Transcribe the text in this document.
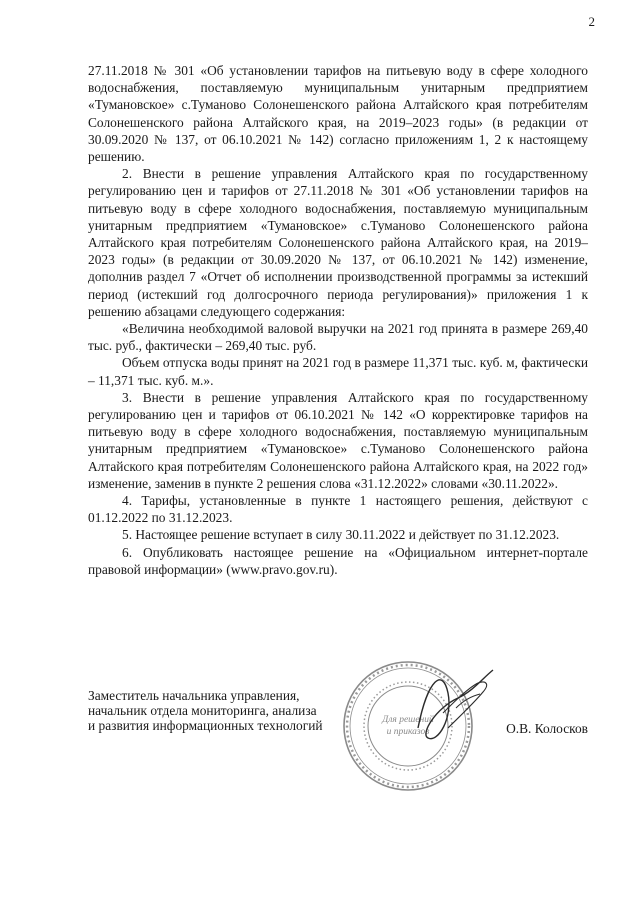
2

27.11.2018 № 301 «Об установлении тарифов на питьевую воду в сфере холодного водоснабжения, поставляемую муниципальным унитарным предприятием «Тумановское» с.Туманово Солонешенского района Алтайского края потребителям Солонешенского района Алтайского края, на 2019–2023 годы» (в редакции от 30.09.2020 № 137, от 06.10.2021 № 142) согласно приложениям 1, 2 к настоящему решению.

2. Внести в решение управления Алтайского края по государственному регулированию цен и тарифов от 27.11.2018 № 301 «Об установлении тарифов на питьевую воду в сфере холодного водоснабжения, поставляемую муниципальным унитарным предприятием «Тумановское» с.Туманово Солонешенского района Алтайского края потребителям Солонешенского района Алтайского края, на 2019–2023 годы» (в редакции от 30.09.2020 № 137, от 06.10.2021 № 142) изменение, дополнив раздел 7 «Отчет об исполнении производственной программы за истекший период (истекший год долгосрочного периода регулирования)» приложения 1 к решению абзацами следующего содержания:

«Величина необходимой валовой выручки на 2021 год принята в размере 269,40 тыс. руб., фактически – 269,40 тыс. руб.

Объем отпуска воды принят на 2021 год в размере 11,371 тыс. куб. м, фактически – 11,371 тыс. куб. м.».

3. Внести в решение управления Алтайского края по государственному регулированию цен и тарифов от 06.10.2021 № 142 «О корректировке тарифов на питьевую воду в сфере холодного водоснабжения, поставляемую муниципальным унитарным предприятием «Тумановское» с.Туманово Солонешенского района Алтайского края потребителям Солонешенского района Алтайского края, на 2022 год» изменение, заменив в пункте 2 решения слова «31.12.2022» словами «30.11.2022».

4. Тарифы, установленные в пункте 1 настоящего решения, действуют с 01.12.2022 по 31.12.2023.

5. Настоящее решение вступает в силу 30.11.2022 и действует по 31.12.2023.

6. Опубликовать настоящее решение на «Официальном интернет-портале правовой информации» (www.pravo.gov.ru).

Заместитель начальника управления,
начальник отдела мониторинга, анализа
и развития информационных технологий	Для решений
и приказов	О.В. Колосков
